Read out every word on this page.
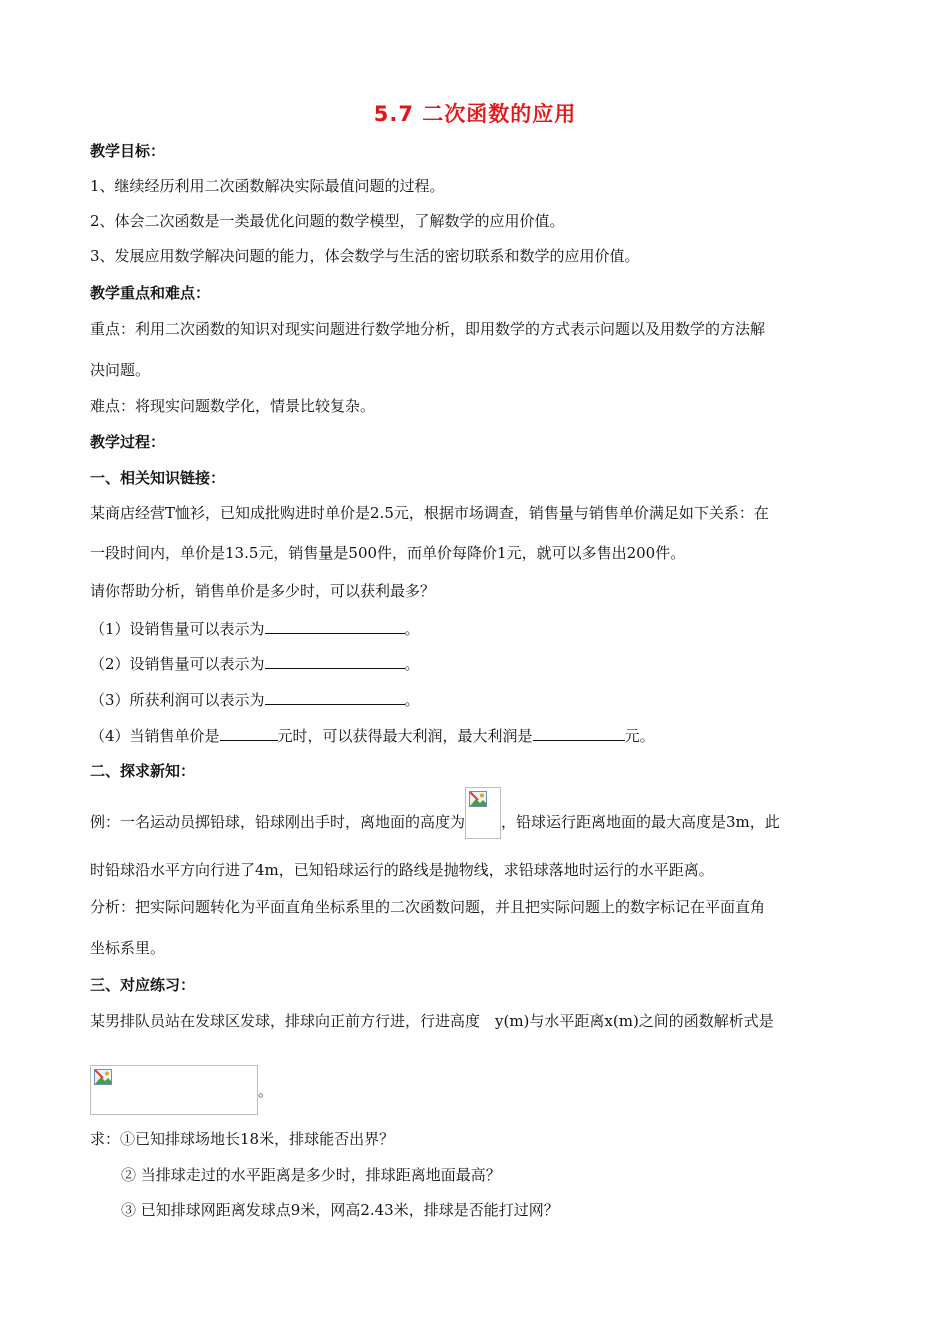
5.7 二次函数的应用
教学目标：
1、继续经历利用二次函数解决实际最值问题的过程。
2、体会二次函数是一类最优化问题的数学模型，了解数学的应用价值。
3、发展应用数学解决问题的能力，体会数学与生活的密切联系和数学的应用价值。
教学重点和难点：
重点：利用二次函数的知识对现实问题进行数学地分析，即用数学的方式表示问题以及用数学的方法解
决问题。
难点：将现实问题数学化，情景比较复杂。
教学过程：
一、相关知识链接：
某商店经营T恤衫，已知成批购进时单价是2.5元，根据市场调查，销售量与销售单价满足如下关系：在
一段时间内，单价是13.5元，销售量是500件，而单价每降价1元，就可以多售出200件。
请你帮助分析，销售单价是多少时，可以获利最多？
（1）设销售量可以表示为	。
（2）设销售量可以表示为	。
（3）所获利润可以表示为	。
（4）当销售单价是	元时，可以获得最大利润，最大利润是	元。
二、探求新知：
例：一名运动员掷铅球，铅球刚出手时，离地面的高度为 ，铅球运行距离地面的最大高度是3m，此
时铅球沿水平方向行进了4m，已知铅球运行的路线是抛物线，求铅球落地时运行的水平距离。
分析：把实际问题转化为平面直角坐标系里的二次函数问题，并且把实际问题上的数字标记在平面直角
坐标系里。
三、对应练习：
某男排队员站在发球区发球，排球向正前方行进，行进高度　y(m)与水平距离x(m)之间的函数解析式是
。
求：①已知排球场地长18米，排球能否出界？
② 当排球走过的水平距离是多少时，排球距离地面最高？
③ 已知排球网距离发球点9米，网高2.43米，排球是否能打过网？
